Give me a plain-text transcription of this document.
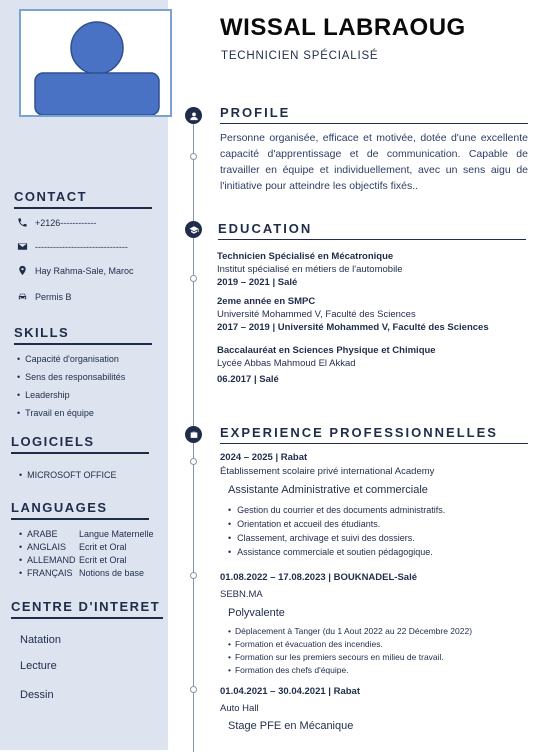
WISSAL LABRAOUG
TECHNICIEN SPÉCIALISÉ
CONTACT
+2126------------
-------------------------------
Hay Rahma-Sale, Maroc
Permis B
SKILLS
• Capacité d'organisation
• Sens des responsabilités
• Leadership
• Travail en équipe
LOGICIELS
• MICROSOFT OFFICE
LANGUAGES
• ARABE Langue Maternelle
• ANGLAIS Ecrit et Oral
• ALLEMAND Ecrit et Oral
• FRANÇAIS Notions de base
CENTRE D'INTERET
Natation
Lecture
Dessin
PROFILE
Personne organisée, efficace et motivée, dotée d'une excellente capacité d'apprentissage et de communication. Capable de travailler en équipe et individuellement, avec un sens aigu de l'initiative pour atteindre les objectifs fixés..
EDUCATION
Technicien Spécialisé en Mécatronique
Institut spécialisé en métiers de l'automobile
2019 – 2021 | Salé
2eme année en SMPC
Université Mohammed V, Faculté des Sciences
2017 – 2019 | Université Mohammed V, Faculté des Sciences
Baccalauréat en Sciences Physique et Chimique
Lycée Abbas Mahmoud El Akkad
06.2017 | Salé
EXPERIENCE PROFESSIONNELLES
2024 – 2025 | Rabat
Établissement scolaire privé international Academy
Assistante Administrative et commerciale
• Gestion du courrier et des documents administratifs.
• Orientation et accueil des étudiants.
• Classement, archivage et suivi des dossiers.
• Assistance commerciale et soutien pédagogique.
01.08.2022 – 17.08.2023 | BOUKNADEL-Salé
SEBN.MA
Polyvalente
• Déplacement à Tanger (du 1 Aout 2022 au 22 Décembre 2022)
• Formation et évacuation des incendies.
• Formation sur les premiers secours en milieu de travail.
• Formation des chefs d'équipe.
01.04.2021 – 30.04.2021 | Rabat
Auto Hall
Stage PFE en Mécanique
